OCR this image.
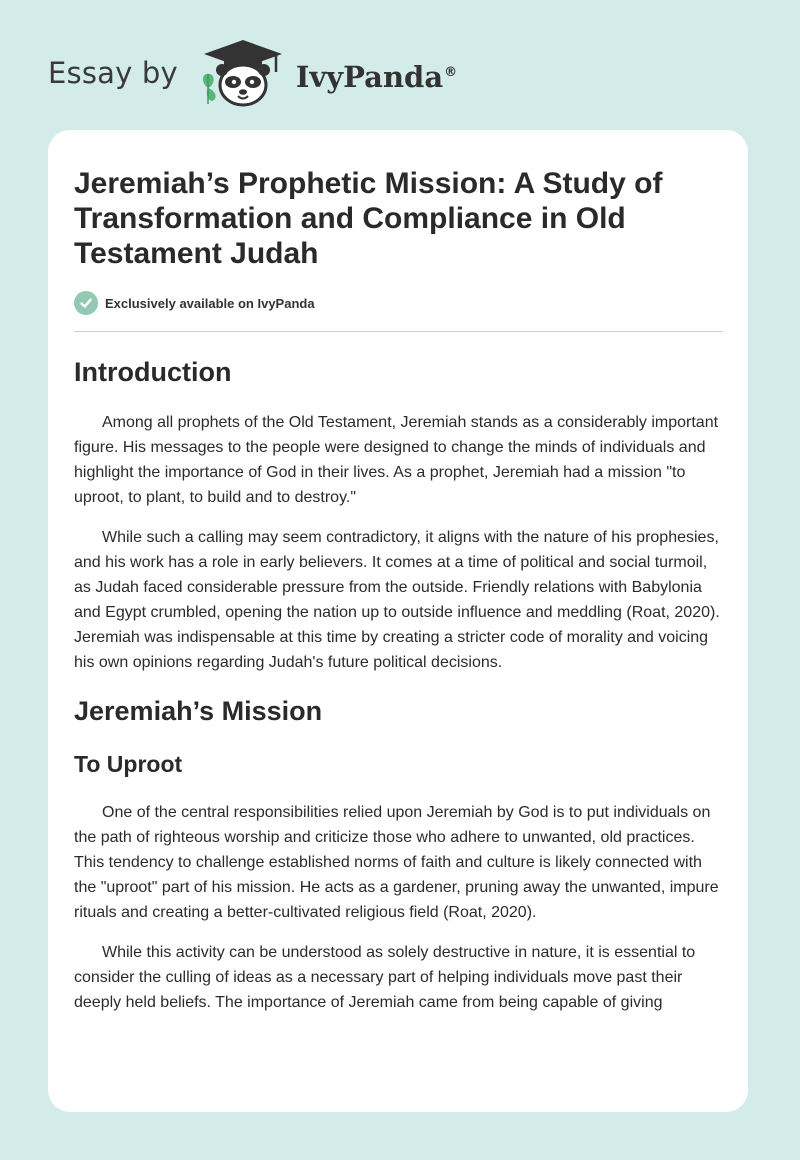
Essay by	IvyPanda®
Jeremiah’s Prophetic Mission: A Study of Transformation and Compliance in Old Testament Judah
Exclusively available on IvyPanda
Introduction

Among all prophets of the Old Testament, Jeremiah stands as a considerably important figure. His messages to the people were designed to change the minds of individuals and highlight the importance of God in their lives. As a prophet, Jeremiah had a mission "to uproot, to plant, to build and to destroy."

While such a calling may seem contradictory, it aligns with the nature of his prophesies, and his work has a role in early believers. It comes at a time of political and social turmoil, as Judah faced considerable pressure from the outside. Friendly relations with Babylonia and Egypt crumbled, opening the nation up to outside influence and meddling (Roat, 2020). Jeremiah was indispensable at this time by creating a stricter code of morality and voicing his own opinions regarding Judah's future political decisions.

Jeremiah’s Mission
To Uproot

One of the central responsibilities relied upon Jeremiah by God is to put individuals on the path of righteous worship and criticize those who adhere to unwanted, old practices. This tendency to challenge established norms of faith and culture is likely connected with the "uproot" part of his mission. He acts as a gardener, pruning away the unwanted, impure rituals and creating a better-cultivated religious field (Roat, 2020).

While this activity can be understood as solely destructive in nature, it is essential to consider the culling of ideas as a necessary part of helping individuals move past their deeply held beliefs. The importance of Jeremiah came from being capable of giving
